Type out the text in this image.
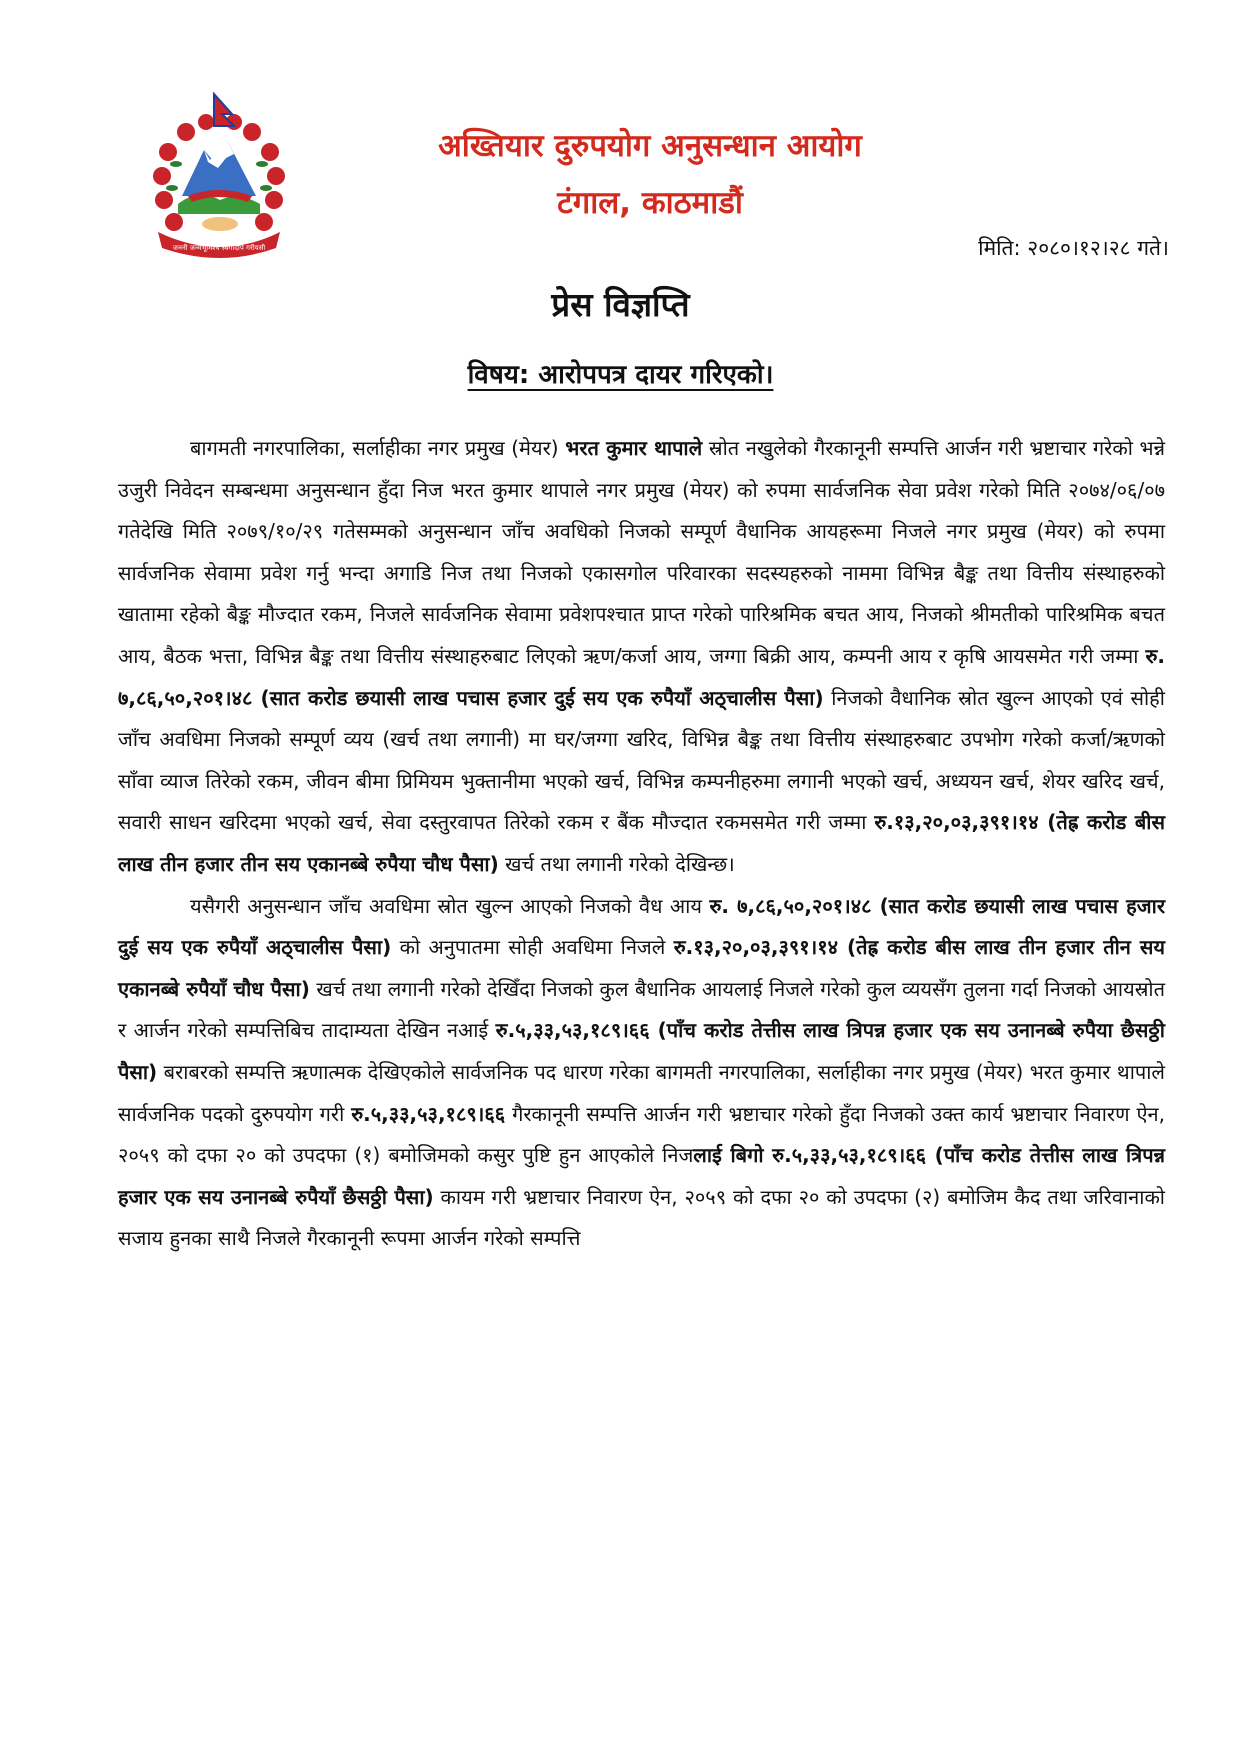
जननी जन्मभूमिश्च स्वर्गादपि गरीयसी
अख्तियार दुरुपयोग अनुसन्धान आयोग
टंगाल, काठमाडौं
मिति: २०८०।१२।२८ गते।
प्रेस विज्ञप्ति
विषय: आरोपपत्र दायर गरिएको।

बागमती नगरपालिका, सर्लाहीका नगर प्रमुख (मेयर) भरत कुमार थापाले स्रोत नखुलेको गैरकानूनी सम्पत्ति आर्जन गरी भ्रष्टाचार गरेको भन्ने उजुरी निवेदन सम्बन्धमा अनुसन्धान हुँदा निज भरत कुमार थापाले नगर प्रमुख (मेयर) को रुपमा सार्वजनिक सेवा प्रवेश गरेको मिति २०७४/०६/०७ गतेदेखि मिति २०७९/१०/२९ गतेसम्मको अनुसन्धान जाँच अवधिको निजको सम्पूर्ण वैधानिक आयहरूमा निजले नगर प्रमुख (मेयर) को रुपमा सार्वजनिक सेवामा प्रवेश गर्नु भन्दा अगाडि निज तथा निजको एकासगोल परिवारका सदस्यहरुको नाममा विभिन्न बैङ्क तथा वित्तीय संस्थाहरुको खातामा रहेको बैङ्क मौज्दात रकम, निजले सार्वजनिक सेवामा प्रवेशपश्चात प्राप्त गरेको पारिश्रमिक बचत आय, निजको श्रीमतीको पारिश्रमिक बचत आय, बैठक भत्ता, विभिन्न बैङ्क तथा वित्तीय संस्थाहरुबाट लिएको ऋण/कर्जा आय, जग्गा बिक्री आय, कम्पनी आय र कृषि आयसमेत गरी जम्मा रु. ७,८६,५०,२०१।४८ (सात करोड छयासी लाख पचास हजार दुई सय एक रुपैयाँ अठ्चालीस पैसा) निजको वैधानिक स्रोत खुल्न आएको एवं सोही जाँच अवधिमा निजको सम्पूर्ण व्यय (खर्च तथा लगानी) मा घर/जग्गा खरिद, विभिन्न बैङ्क तथा वित्तीय संस्थाहरुबाट उपभोग गरेको कर्जा/ऋणको साँवा व्याज तिरेको रकम, जीवन बीमा प्रिमियम भुक्तानीमा भएको खर्च, विभिन्न कम्पनीहरुमा लगानी भएको खर्च, अध्ययन खर्च, शेयर खरिद खर्च, सवारी साधन खरिदमा भएको खर्च, सेवा दस्तुरवापत तिरेको रकम र बैंक मौज्दात रकमसमेत गरी जम्मा रु.१३,२०,०३,३९१।१४ (तेह्र करोड बीस लाख तीन हजार तीन सय एकानब्बे रुपैया चौध पैसा) खर्च तथा लगानी गरेको देखिन्छ।

यसैगरी अनुसन्धान जाँच अवधिमा स्रोत खुल्न आएको निजको वैध आय रु. ७,८६,५०,२०१।४८ (सात करोड छयासी लाख पचास हजार दुई सय एक रुपैयाँ अठ्चालीस पैसा) को अनुपातमा सोही अवधिमा निजले रु.१३,२०,०३,३९१।१४ (तेह्र करोड बीस लाख तीन हजार तीन सय एकानब्बे रुपैयाँ चौध पैसा) खर्च तथा लगानी गरेको देखिँदा निजको कुल बैधानिक आयलाई निजले गरेको कुल व्ययसँग तुलना गर्दा निजको आयस्रोत र आर्जन गरेको सम्पत्तिबिच तादाम्यता देखिन नआई रु.५,३३,५३,१८९।६६ (पाँच करोड तेत्तीस लाख त्रिपन्न हजार एक सय उनानब्बे रुपैया छैसठ्ठी पैसा) बराबरको सम्पत्ति ऋणात्मक देखिएकोले सार्वजनिक पद धारण गरेका बागमती नगरपालिका, सर्लाहीका नगर प्रमुख (मेयर) भरत कुमार थापाले सार्वजनिक पदको दुरुपयोग गरी रु.५,३३,५३,१८९।६६ गैरकानूनी सम्पत्ति आर्जन गरी भ्रष्टाचार गरेको हुँदा निजको उक्त कार्य भ्रष्टाचार निवारण ऐन, २०५९ को दफा २० को उपदफा (१) बमोजिमको कसुर पुष्टि हुन आएकोले निजलाई बिगो रु.५,३३,५३,१८९।६६ (पाँच करोड तेत्तीस लाख त्रिपन्न हजार एक सय उनानब्बे रुपैयाँ छैसठ्ठी पैसा) कायम गरी भ्रष्टाचार निवारण ऐन, २०५९ को दफा २० को उपदफा (२) बमोजिम कैद तथा जरिवानाको सजाय हुनका साथै निजले गैरकानूनी रूपमा आर्जन गरेको सम्पत्ति
